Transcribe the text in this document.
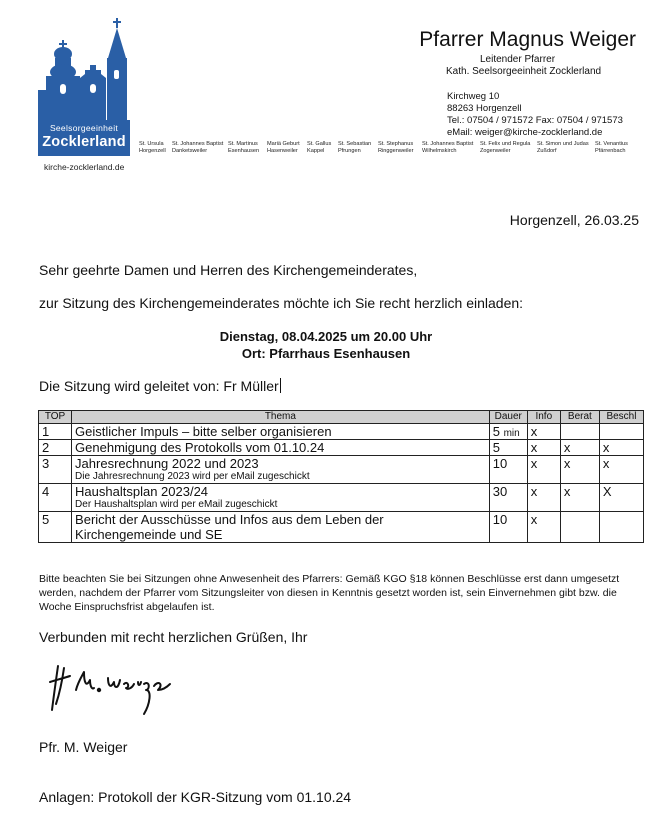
Seelsorgeeinheit
Zocklerland
kirche-zocklerland.de
Pfarrer Magnus Weiger
Leitender Pfarrer
Kath. Seelsorgeeinheit Zocklerland
Kirchweg 10
88263 Horgenzell
Tel.: 07504 / 971572 Fax: 07504 / 971573
eMail: weiger@kirche-zocklerland.de
St. Ursula
Horgenzell
St. Johannes Baptist
Danketsweiler
St. Martinus
Esenhausen
Mariä Geburt
Hasenweiler
St. Gallus
Kappel
St. Sebastian
Pfrungen
St. Stephanus
Ringgenweiler
St. Johannes Baptist
Wilhelmskirch
St. Felix und Regula
Zogenweiler
St. Simon und Judas
Zußdorf
St. Venantius
Pfärrenbach
Horgenzell, 26.03.25
Sehr geehrte Damen und Herren des Kirchengemeinderates,
zur Sitzung des Kirchengemeinderates möchte ich Sie recht herzlich einladen:
Dienstag, 08.04.2025 um 20.00 Uhr
Ort: Pfarrhaus Esenhausen
Die Sitzung wird geleitet von: Fr Müller
TOP	Thema	Dauer	Info	Berat	Beschl
1	Geistlicher Impuls – bitte selber organisieren	5 min	x		
2	Genehmigung des Protokolls vom 01.10.24	5	x	x	x
3	Jahresrechnung 2022 und 2023
Die Jahresrechnung 2023 wird per eMail zugeschickt	10	x	x	x
4	Haushaltsplan 2023/24
Der Haushaltsplan wird per eMail zugeschickt	30	x	x	X
5	Bericht der Ausschüsse und Infos aus dem Leben der Kirchengemeinde und SE	10	x		
Bitte beachten Sie bei Sitzungen ohne Anwesenheit des Pfarrers: Gemäß KGO §18 können Beschlüsse erst dann umgesetzt werden, nachdem der Pfarrer vom Sitzungsleiter von diesen in Kenntnis gesetzt worden ist, sein Einvernehmen gibt bzw. die Woche Einspruchsfrist abgelaufen ist.
Verbunden mit recht herzlichen Grüßen, Ihr
Pfr. M. Weiger
Anlagen: Protokoll der KGR-Sitzung vom 01.10.24
